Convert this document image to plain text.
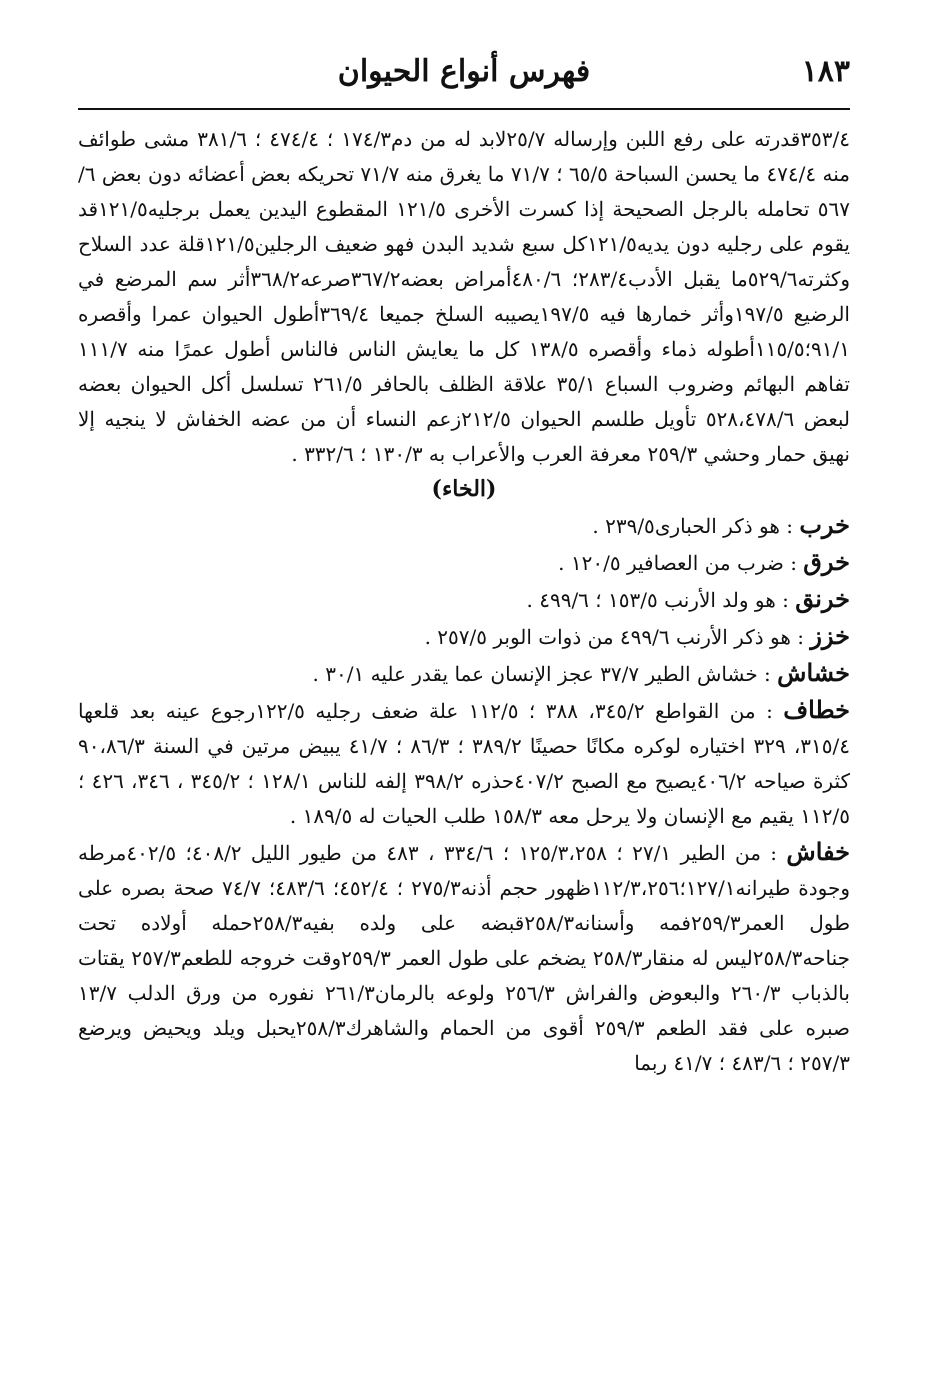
١٨٣
فهرس أنواع الحيوان

٣٥٣/٤قدرته على رفع اللبن وإرساله ٢٥/٧لابد له من دم١٧٤/٣ ؛ ٤٧٤/٤ ؛ ٣٨١/٦ مشى طوائف منه ٤٧٤/٤ ما يحسن السباحة ٦٥/٥ ؛ ٧١/٧ ما يغرق منه ٧١/٧ تحريكه بعض أعضائه دون بعض ٦/ ٥٦٧ تحامله بالرجل الصحيحة إذا كسرت الأخرى ١٢١/٥ المقطوع اليدين يعمل برجليه١٢١/٥قد يقوم على رجليه دون يديه١٢١/٥كل سبع شديد البدن فهو ضعيف الرجلين١٢١/٥قلة عدد السلاح وكثرته٥٢٩/٦ما يقبل الأدب٢٨٣/٤؛ ٤٨٠/٦أمراض بعضه٣٦٧/٢صرعه٣٦٨/٢أثر سم المرضع في الرضيع ١٩٧/٥وأثر خمارها فيه ١٩٧/٥يصيبه السلخ جميعا ٣٦٩/٤أطول الحيوان عمرا وأقصره ٩١/١؛١١٥/٥أطوله ذماء وأقصره ١٣٨/٥ كل ما يعايش الناس فالناس أطول عمرًا منه ١١١/٧ تفاهم البهائم وضروب السباع ٣٥/١ علاقة الظلف بالحافر ٢٦١/٥ تسلسل أكل الحيوان بعضه لبعض ٥٢٨،٤٧٨/٦ تأويل طلسم الحيوان ٢١٢/٥زعم النساء أن من عضه الخفاش لا ينجيه إلا نهيق حمار وحشي ٢٥٩/٣ معرفة العرب والأعراب به ١٣٠/٣ ؛ ٣٣٢/٦ .

(الخاء)

خرب : هو ذكر الحبارى٢٣٩/٥ .

خرق : ضرب من العصافير ١٢٠/٥ .

خرنق : هو ولد الأرنب ١٥٣/٥ ؛ ٤٩٩/٦ .

خزز : هو ذكر الأرنب ٤٩٩/٦ من ذوات الوبر ٢٥٧/٥ .

خشاش : خشاش الطير ٣٧/٧ عجز الإنسان عما يقدر عليه ٣٠/١ .

خطاف : من القواطع ٣٤٥/٢، ٣٨٨ ؛ ١١٢/٥ علة ضعف رجليه ١٢٢/٥رجوع عينه بعد قلعها ٣١٥/٤، ٣٢٩ اختياره لوكره مكانًا حصينًا ٣٨٩/٢ ؛ ٨٦/٣ ؛ ٤١/٧ يبيض مرتين في السنة ٩٠،٨٦/٣ كثرة صياحه ٤٠٦/٢يصيح مع الصبح ٤٠٧/٢حذره ٣٩٨/٢ إلفه للناس ١٢٨/١ ؛ ٣٤٥/٢ ، ٣٤٦، ٤٢٦ ؛ ١١٢/٥ يقيم مع الإنسان ولا يرحل معه ١٥٨/٣ طلب الحيات له ١٨٩/٥ .

خفاش : من الطير ٢٧/١ ؛ ١٢٥/٣،٢٥٨ ؛ ٣٣٤/٦ ، ٤٨٣ من طيور الليل ٤٠٨/٢؛ ٤٠٢/٥مرطه وجودة طيرانه١٢٧/١؛١١٢/٣،٢٥٦ظهور حجم أذنه٢٧٥/٣ ؛ ٤٥٢/٤؛ ٤٨٣/٦؛ ٧٤/٧ صحة بصره على طول العمر٢٥٩/٣فمه وأسنانه٢٥٨/٣قبضه على ولده بفيه٢٥٨/٣حمله أولاده تحت جناحه٢٥٨/٣ليس له منقار٢٥٨/٣ يضخم على طول العمر ٢٥٩/٣وقت خروجه للطعم٢٥٧/٣ يقتات بالذباب ٢٦٠/٣ والبعوض والفراش ٢٥٦/٣ ولوعه بالرمان٢٦١/٣ نفوره من ورق الدلب ١٣/٧ صبره على فقد الطعم ٢٥٩/٣ أقوى من الحمام والشاهرك٢٥٨/٣يحبل ويلد ويحيض ويرضع ٢٥٧/٣ ؛ ٤٨٣/٦ ؛ ٤١/٧ ربما
